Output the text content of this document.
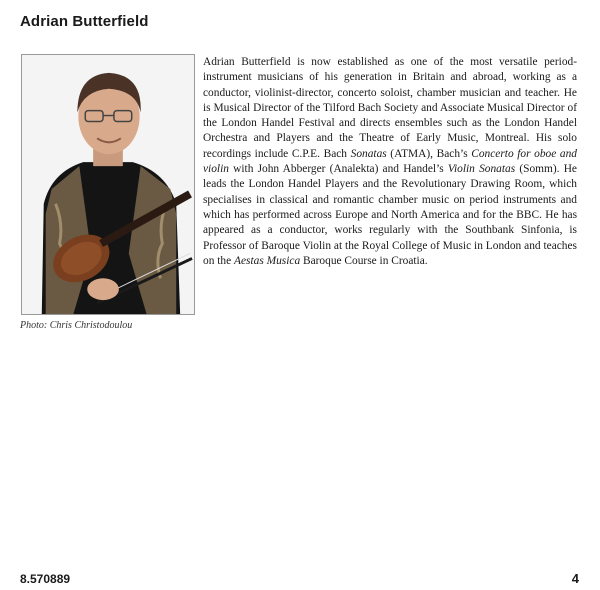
Adrian Butterfield
Photo: Chris Christodoulou

Adrian Butterfield is now established as one of the most versatile period-instrument musicians of his generation in Britain and abroad, working as a conductor, violinist-director, concerto soloist, chamber musician and teacher. He is Musical Director of the Tilford Bach Society and Associate Musical Director of the London Handel Festival and directs ensembles such as the London Handel Orchestra and Players and the Theatre of Early Music, Montreal. His solo recordings include C.P.E. Bach Sonatas (ATMA), Bach’s Concerto for oboe and violin with John Abberger (Analekta) and Handel’s Violin Sonatas (Somm). He leads the London Handel Players and the Revolutionary Drawing Room, which specialises in classical and romantic chamber music on period instruments and which has performed across Europe and North America and for the BBC. He has appeared as a conductor, works regularly with the Southbank Sinfonia, is Professor of Baroque Violin at the Royal College of Music in London and teaches on the Aestas Musica Baroque Course in Croatia.

8.570889	4
